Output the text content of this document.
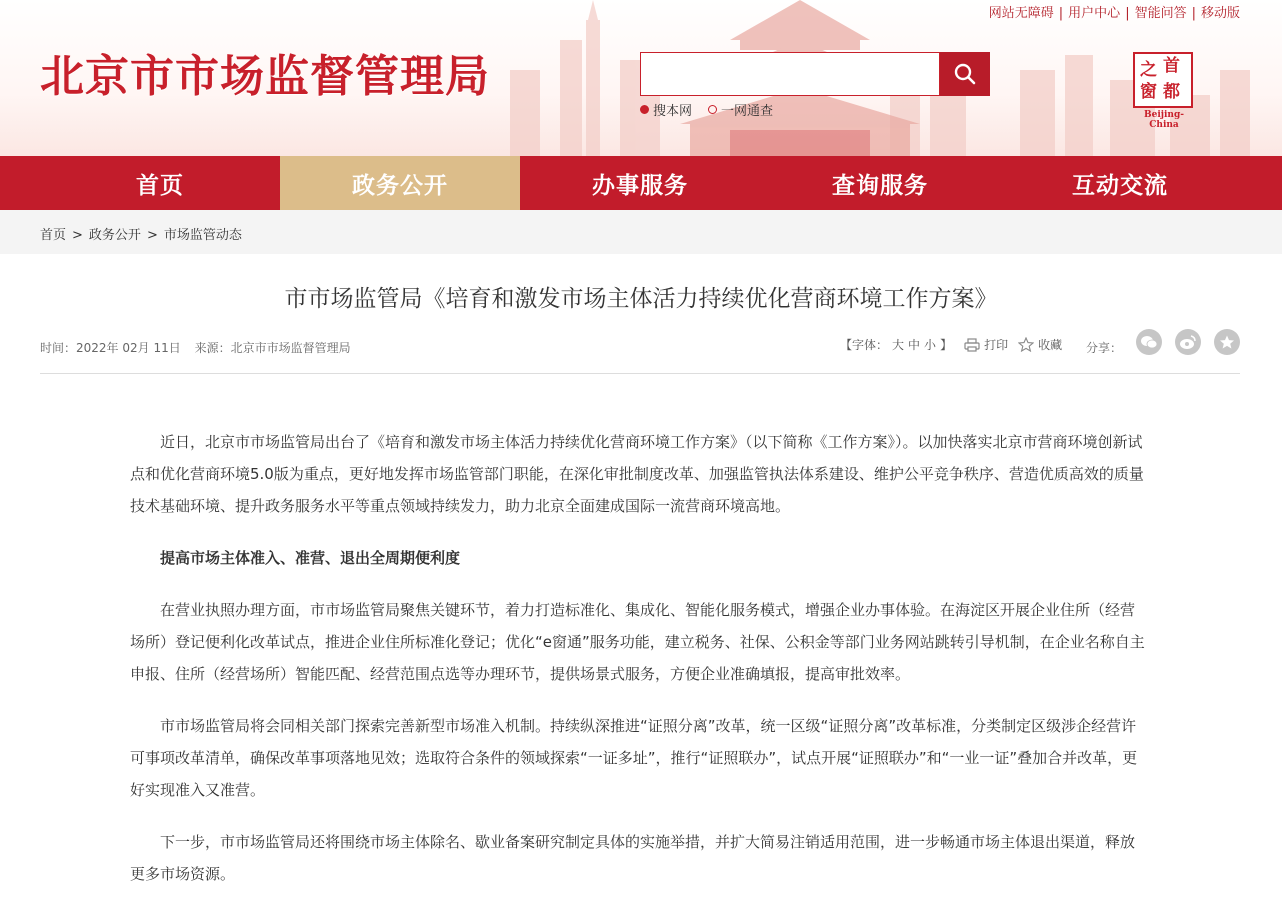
网站无障碍 | 用户中心 | 智能问答 | 移动版
北京市市场监督管理局
搜本网 一网通查
首
都
之
窗
Beijing-China
首页	政务公开	办事服务	查询服务	互动交流
首页 > 政务公开 > 市场监管动态
市市场监管局《培育和激发市场主体活力持续优化营商环境工作方案》
时间：2022年 02月 11日 来源：北京市市场监督管理局	【字体： 大 中 小 】	打印	收藏 分享：

近日，北京市市场监管局出台了《培育和激发市场主体活力持续优化营商环境工作方案》（以下简称《工作方案》）。以加快落实北京市营商环境创新试点和优化营商环境5.0版为重点，更好地发挥市场监管部门职能，在深化审批制度改革、加强监管执法体系建设、维护公平竞争秩序、营造优质高效的质量技术基础环境、提升政务服务水平等重点领域持续发力，助力北京全面建成国际一流营商环境高地。

提高市场主体准入、准营、退出全周期便利度

在营业执照办理方面，市市场监管局聚焦关键环节，着力打造标准化、集成化、智能化服务模式，增强企业办事体验。在海淀区开展企业住所（经营场所）登记便利化改革试点，推进企业住所标准化登记；优化“e窗通”服务功能，建立税务、社保、公积金等部门业务网站跳转引导机制，在企业名称自主申报、住所（经营场所）智能匹配、经营范围点选等办理环节，提供场景式服务，方便企业准确填报，提高审批效率。

市市场监管局将会同相关部门探索完善新型市场准入机制。持续纵深推进“证照分离”改革，统一区级“证照分离”改革标准，分类制定区级涉企经营许可事项改革清单，确保改革事项落地见效；选取符合条件的领域探索“一证多址”，推行“证照联办”，试点开展“证照联办”和“一业一证”叠加合并改革，更好实现准入又准营。

下一步，市市场监管局还将围绕市场主体除名、歇业备案研究制定具体的实施举措，并扩大简易注销适用范围，进一步畅通市场主体退出渠道，释放更多市场资源。
